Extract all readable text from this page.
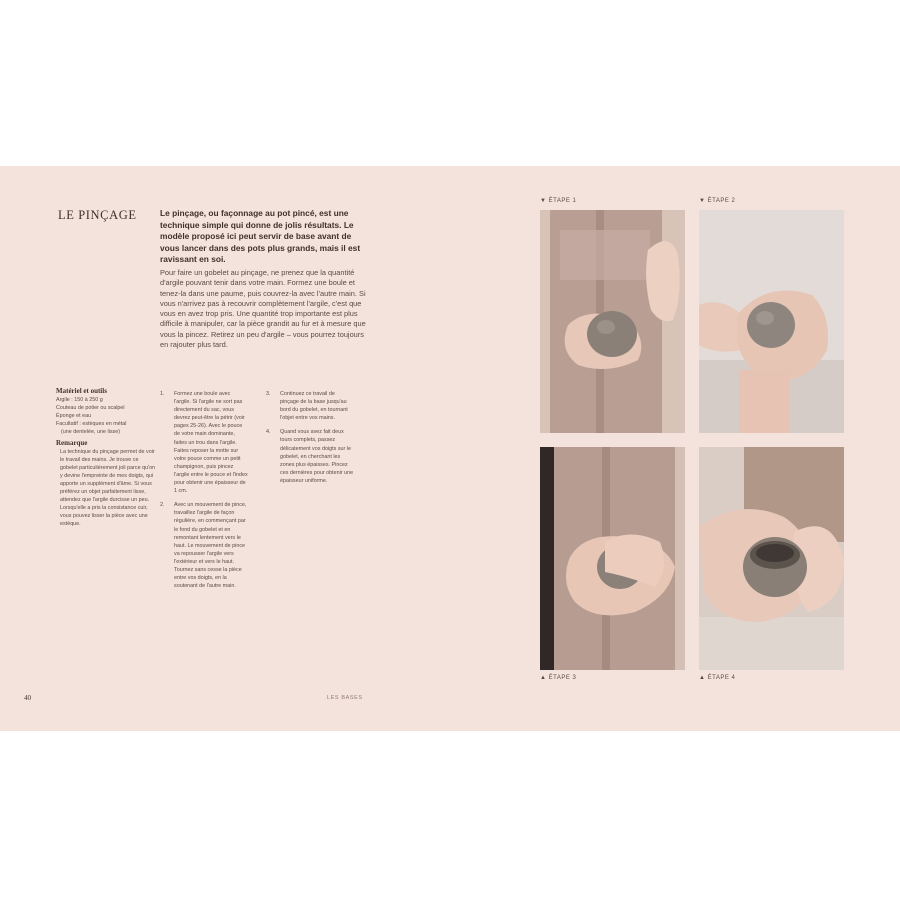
LE PINÇAGE	Le pinçage, ou façonnage au pot pincé, est une technique simple qui donne de jolis résultats. Le modèle proposé ici peut servir de base avant de vous lancer dans des pots plus grands, mais il est ravissant en soi.
Pour faire un gobelet au pinçage, ne prenez que la quantité d'argile pouvant tenir dans votre main. Formez une boule et tenez-la dans une paume, puis couvrez-la avec l'autre main. Si vous n'arrivez pas à recouvrir complètement l'argile, c'est que vous en avez trop pris. Une quantité trop importante est plus difficile à manipuler, car la pièce grandit au fur et à mesure que vous la pincez. Retirez un peu d'argile – vous pourrez toujours en rajouter plus tard.
Matériel et outils
Argile : 150 à 250 g
Couteau de potier ou scalpel
Éponge et eau
Facultatif : estèques en métal
(une dentelée, une lisse)
Remarque
La technique du pinçage permet de voir le travail des mains. Je trouve ce gobelet particulièrement joli parce qu'on y devine l'empreinte de mes doigts, qui apporte un supplément d'âme. Si vous préférez un objet parfaitement lisse, attendez que l'argile durcisse un peu. Lorsqu'elle a pris la consistance cuir, vous pouvez lisser la pièce avec une estèque.
1. Formez une boule avec l'argile. Si l'argile ne sort pas directement du sac, vous devrez peut-être la pétrir (voir pages 25-26). Avec le pouce de votre main dominante, faites un trou dans l'argile. Faites reposer la motte sur votre pouce comme un petit champignon, puis pincez l'argile entre le pouce et l'index pour obtenir une épaisseur de 1 cm.
2. Avec un mouvement de pince, travaillez l'argile de façon régulière, en commençant par le fond du gobelet et en remontant lentement vers le haut. Le mouvement de pince va repousser l'argile vers l'extérieur et vers le haut. Tournez sans cesse la pièce entre vos doigts, en la soutenant de l'autre main.
3. Continuez ce travail de pinçage de la base jusqu'au bord du gobelet, en tournant l'objet entre vos mains.
4. Quand vous avez fait deux tours complets, passez délicatement vos doigts sur le gobelet, en cherchant les zones plus épaisses. Pincez ces dernières pour obtenir une épaisseur uniforme.
40	LES BASES
▼ ÉTAPE 1	▼ ÉTAPE 2
▲ ÉTAPE 3	▲ ÉTAPE 4
